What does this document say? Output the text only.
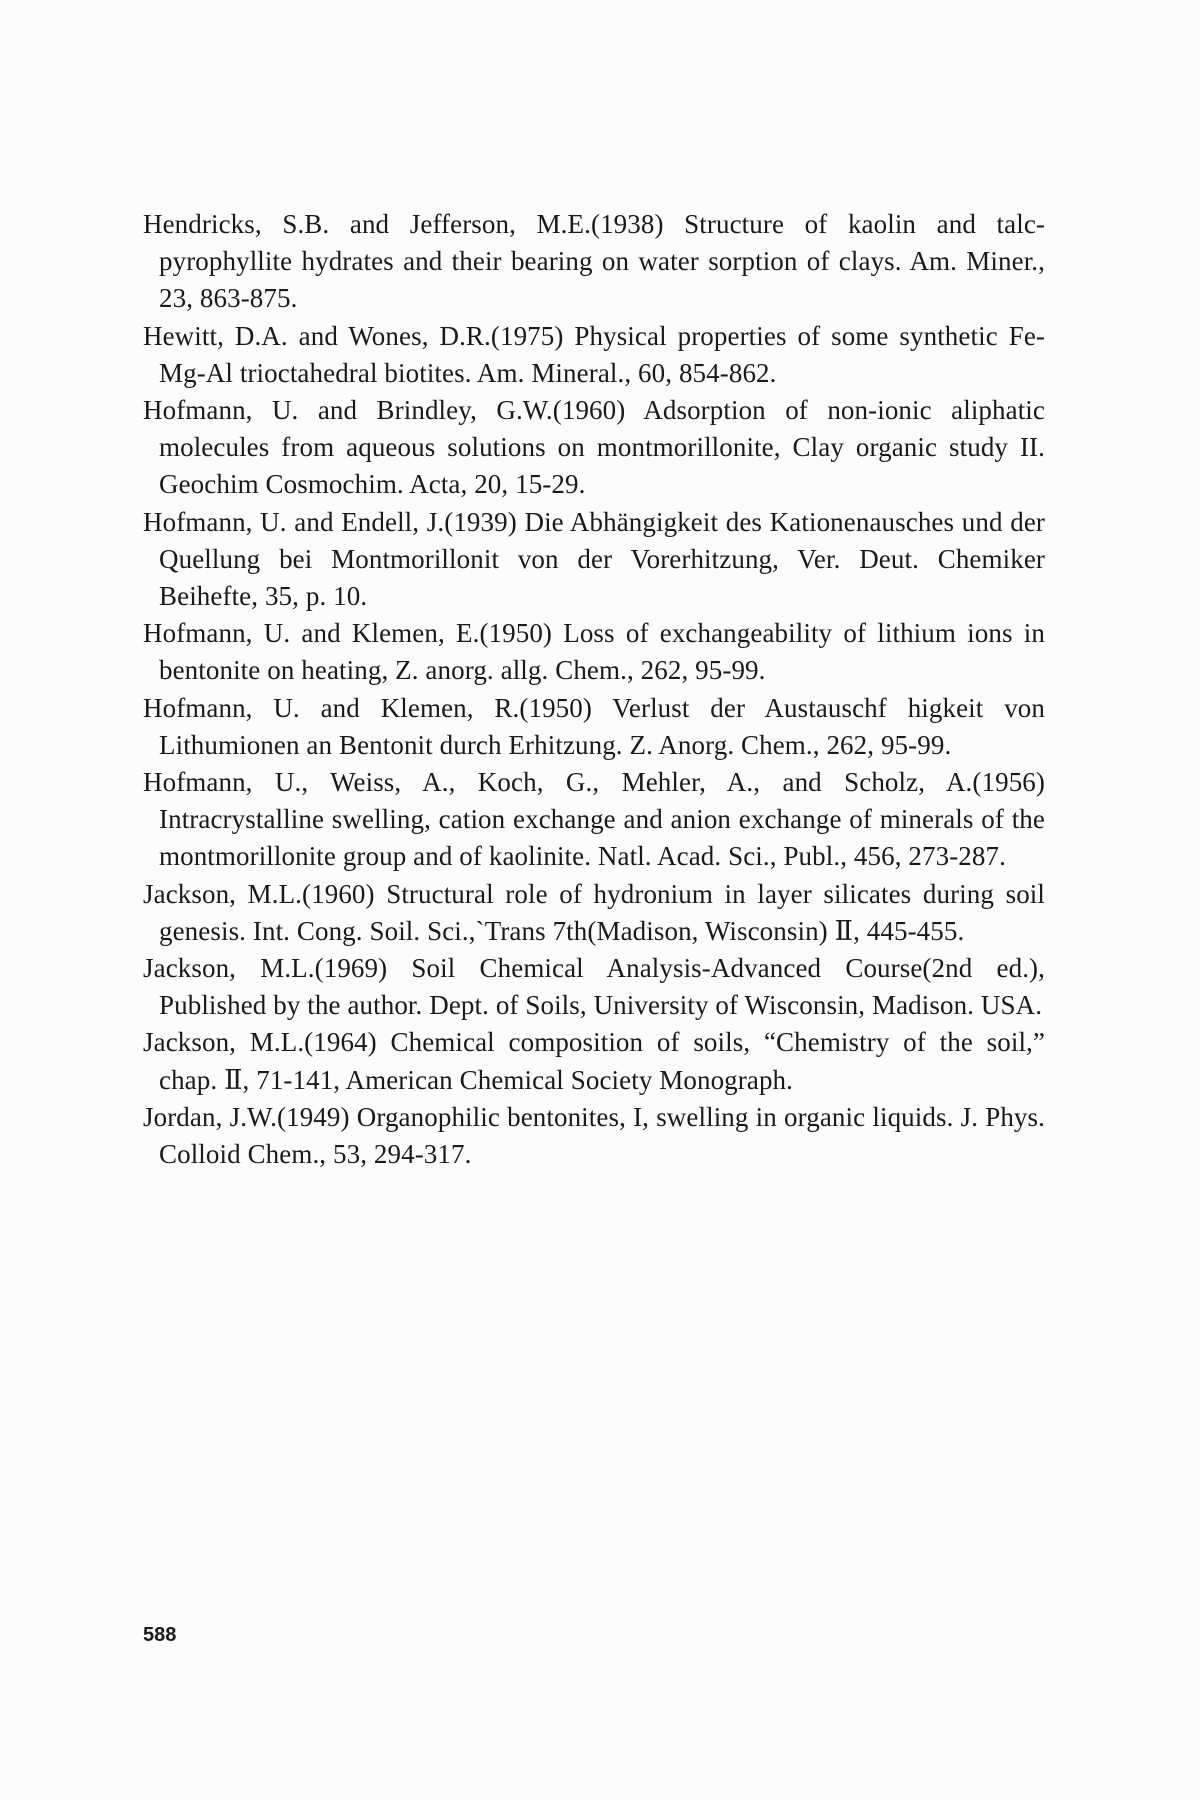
Hendricks, S.B. and Jefferson, M.E.(1938) Structure of kaolin and talc-pyrophyllite hydrates and their bearing on water sorption of clays. Am. Miner., 23, 863-875.

Hewitt, D.A. and Wones, D.R.(1975) Physical properties of some synthetic Fe-Mg-Al trioctahedral biotites. Am. Mineral., 60, 854-862.

Hofmann, U. and Brindley, G.W.(1960) Adsorption of non-ionic aliphatic molecules from aqueous solutions on montmorillonite, Clay organic study II. Geochim Cosmochim. Acta, 20, 15-29.

Hofmann, U. and Endell, J.(1939) Die Abhängigkeit des Kationenausches und der Quellung bei Montmorillonit von der Vorerhitzung, Ver. Deut. Chemiker Beihefte, 35, p. 10.

Hofmann, U. and Klemen, E.(1950) Loss of exchangeability of lithium ions in bentonite on heating, Z. anorg. allg. Chem., 262, 95-99.

Hofmann, U. and Klemen, R.(1950) Verlust der Austauschf higkeit von Lithumionen an Bentonit durch Erhitzung. Z. Anorg. Chem., 262, 95-99.

Hofmann, U., Weiss, A., Koch, G., Mehler, A., and Scholz, A.(1956) Intracrystalline swelling, cation exchange and anion exchange of minerals of the montmorillonite group and of kaolinite. Natl. Acad. Sci., Publ., 456, 273-287.

Jackson, M.L.(1960) Structural role of hydronium in layer silicates during soil genesis. Int. Cong. Soil. Sci.,`Trans 7th(Madison, Wisconsin) Ⅱ, 445-455.

Jackson, M.L.(1969) Soil Chemical Analysis-Advanced Course(2nd ed.), Published by the author. Dept. of Soils, University of Wisconsin, Madison. USA.

Jackson, M.L.(1964) Chemical composition of soils, “Chemistry of the soil,” chap. Ⅱ, 71-141, American Chemical Society Monograph.

Jordan, J.W.(1949) Organophilic bentonites, I, swelling in organic liquids. J. Phys. Colloid Chem., 53, 294-317.

588
